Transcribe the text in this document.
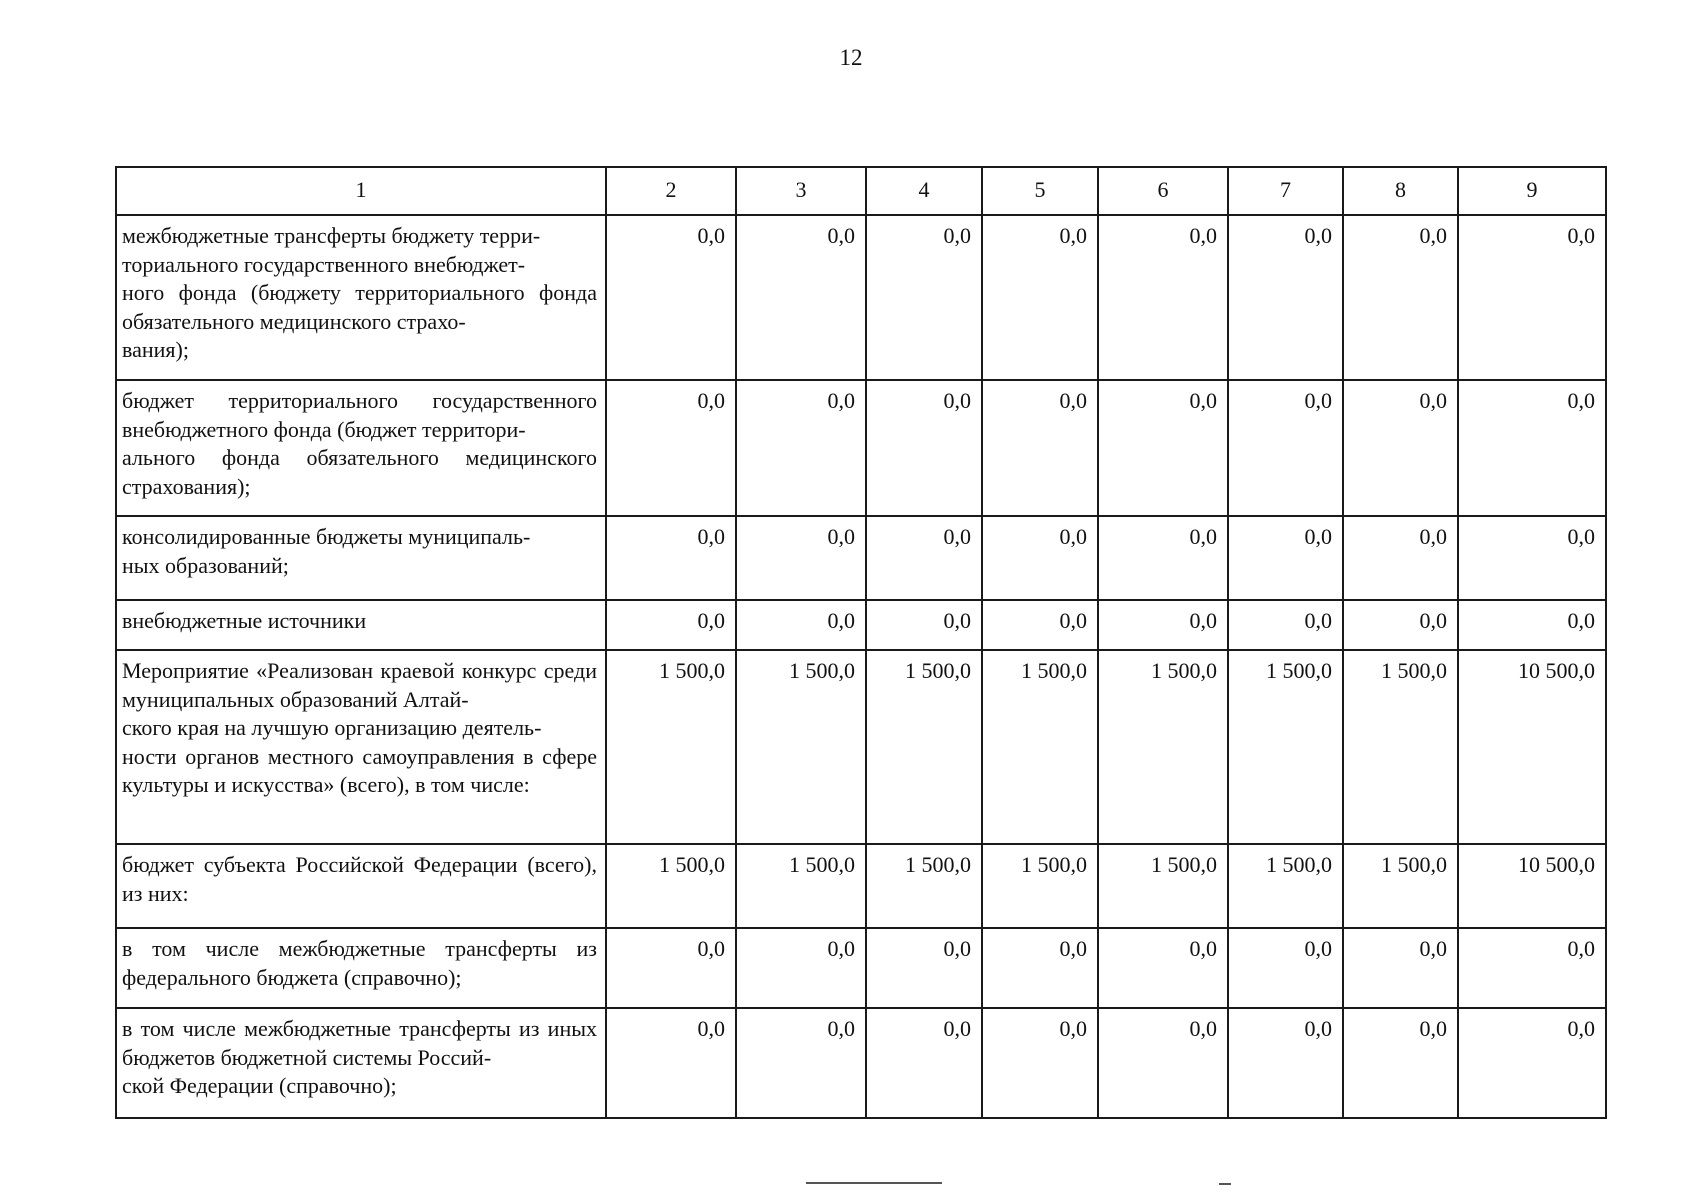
12
1	2	3	4	5	6	7	8	9
межбюджетные трансферты бюджету терри-
ториального государственного внебюджет-
ного фонда (бюджету территориального фонда обязательного медицинского страхо-
вания);	0,0	0,0	0,0	0,0	0,0	0,0	0,0	0,0
бюджет территориального государственного внебюджетного фонда (бюджет территори-
ального фонда обязательного медицинского страхования);	0,0	0,0	0,0	0,0	0,0	0,0	0,0	0,0
консолидированные бюджеты муниципаль-
ных образований;	0,0	0,0	0,0	0,0	0,0	0,0	0,0	0,0
внебюджетные источники	0,0	0,0	0,0	0,0	0,0	0,0	0,0	0,0
Мероприятие «Реализован краевой конкурс среди муниципальных образований Алтай-
ского края на лучшую организацию деятель-
ности органов местного самоуправления в сфере культуры и искусства» (всего), в том числе:	1 500,0	1 500,0	1 500,0	1 500,0	1 500,0	1 500,0	1 500,0	10 500,0
бюджет субъекта Российской Федерации (всего), из них:	1 500,0	1 500,0	1 500,0	1 500,0	1 500,0	1 500,0	1 500,0	10 500,0
в том числе межбюджетные трансферты из федерального бюджета (справочно);	0,0	0,0	0,0	0,0	0,0	0,0	0,0	0,0
в том числе межбюджетные трансферты из иных бюджетов бюджетной системы Россий-
ской Федерации (справочно);	0,0	0,0	0,0	0,0	0,0	0,0	0,0	0,0
